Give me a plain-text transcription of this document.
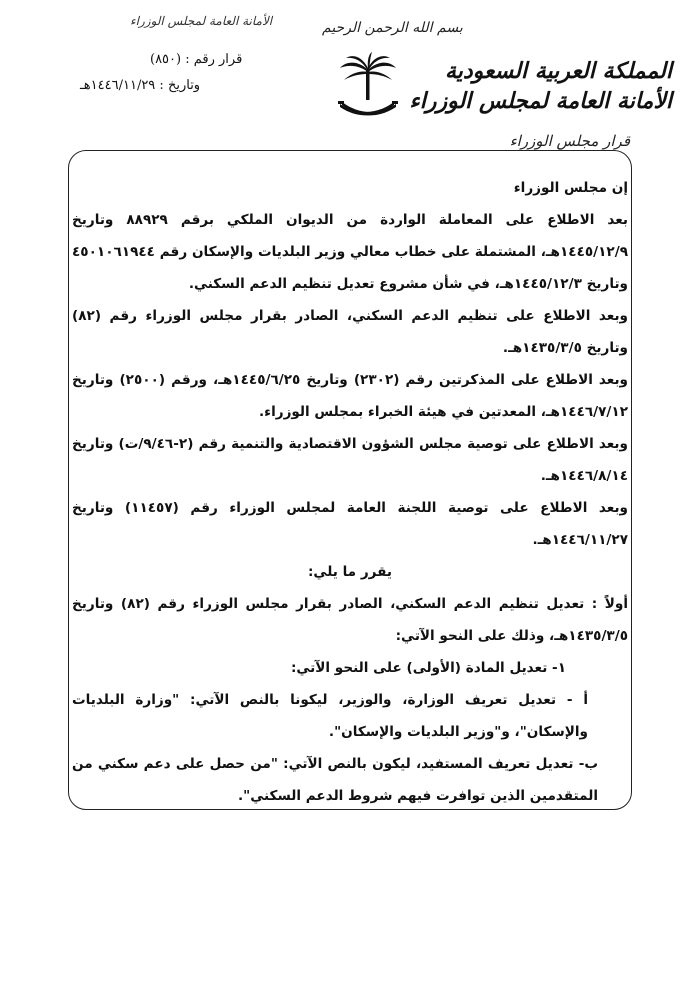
الأمانة العامة لمجلس الوزراء	بسم الله الرحمن الرحيم
المملكة العربية السعودية
الأمانة العامة لمجلس الوزراء
قرار مجلس الوزراء
قرار رقم : (٨٥٠)
وتاريخ : ١٤٤٦/١١/٢٩هـ

إن مجلس الوزراء

بعد الاطلاع على المعاملة الواردة من الديوان الملكي برقم ٨٨٩٢٩ وتاريخ ١٤٤٥/١٢/٩هـ، المشتملة على خطاب معالي وزير البلديات والإسكان رقم ٤٥٠١٠٦١٩٤٤ وتاريخ ١٤٤٥/١٢/٣هـ، في شأن مشروع تعديل تنظيم الدعم السكني.

وبعد الاطلاع على تنظيم الدعم السكني، الصادر بقرار مجلس الوزراء رقم (٨٢) وتاريخ ١٤٣٥/٣/٥هـ.

وبعد الاطلاع على المذكرتين رقم (٢٣٠٢) وتاريخ ١٤٤٥/٦/٢٥هـ، ورقم (٢٥٠٠) وتاريخ ١٤٤٦/٧/١٢هـ، المعدتين في هيئة الخبراء بمجلس الوزراء.

وبعد الاطلاع على توصية مجلس الشؤون الاقتصادية والتنمية رقم (٢-٩/٤٦/ت) وتاريخ ١٤٤٦/٨/١٤هـ.

وبعد الاطلاع على توصية اللجنة العامة لمجلس الوزراء رقم (١١٤٥٧) وتاريخ ١٤٤٦/١١/٢٧هـ.

يقرر ما يلي:

أولاً : تعديل تنظيم الدعم السكني، الصادر بقرار مجلس الوزراء رقم (٨٢) وتاريخ ١٤٣٥/٣/٥هـ، وذلك على النحو الآتي:

١- تعديل المادة (الأولى) على النحو الآتي:

أ - تعديل تعريف الوزارة، والوزير، ليكونا بالنص الآتي: "وزارة البلديات والإسكان"، و"وزير البلديات والإسكان".

ب- تعديل تعريف المستفيد، ليكون بالنص الآتي: "من حصل على دعم سكني من المتقدمين الذين توافرت فيهم شروط الدعم السكني".
